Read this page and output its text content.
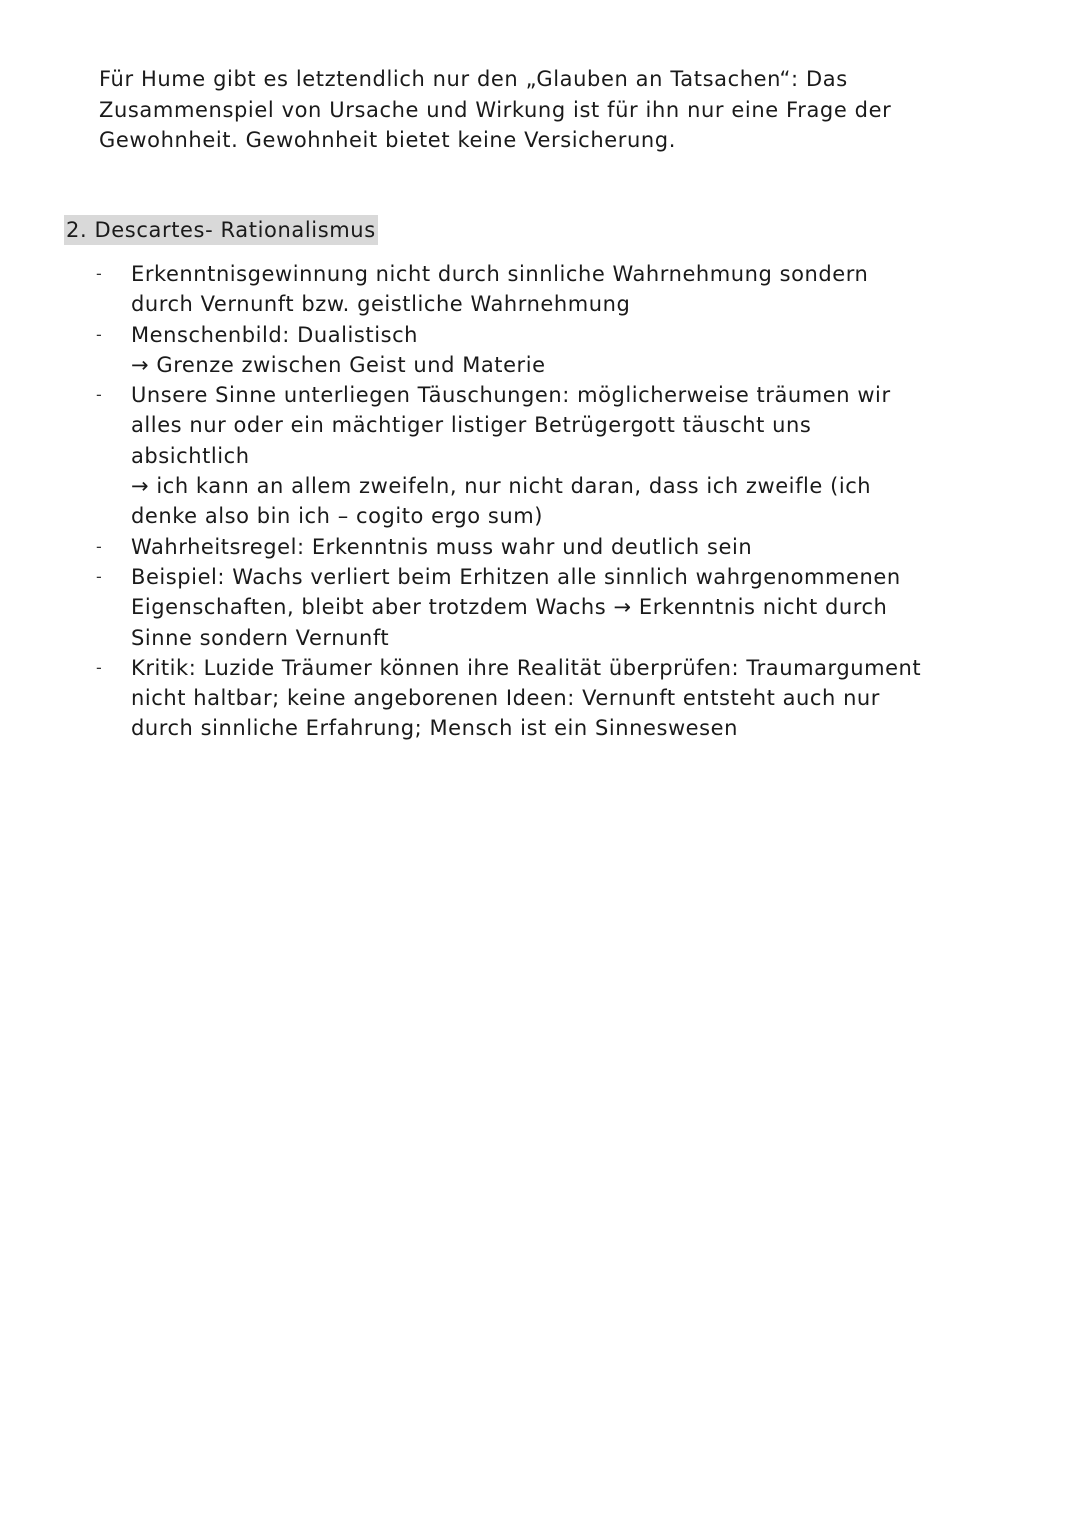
Für Hume gibt es letztendlich nur den „Glauben an Tatsachen“: Das
Zusammenspiel von Ursache und Wirkung ist für ihn nur eine Frage der
Gewohnheit. Gewohnheit bietet keine Versicherung.

2. Descartes- Rationalismus
- Erkenntnisgewinnung nicht durch sinnliche Wahrnehmung sondern
durch Vernunft bzw. geistliche Wahrnehmung
- Menschenbild: Dualistisch
→ Grenze zwischen Geist und Materie
- Unsere Sinne unterliegen Täuschungen: möglicherweise träumen wir
alles nur oder ein mächtiger listiger Betrügergott täuscht uns
absichtlich
→ ich kann an allem zweifeln, nur nicht daran, dass ich zweifle (ich
denke also bin ich – cogito ergo sum)
- Wahrheitsregel: Erkenntnis muss wahr und deutlich sein
- Beispiel: Wachs verliert beim Erhitzen alle sinnlich wahrgenommenen
Eigenschaften, bleibt aber trotzdem Wachs → Erkenntnis nicht durch
Sinne sondern Vernunft
- Kritik: Luzide Träumer können ihre Realität überprüfen: Traumargument
nicht haltbar; keine angeborenen Ideen: Vernunft entsteht auch nur
durch sinnliche Erfahrung; Mensch ist ein Sinneswesen
